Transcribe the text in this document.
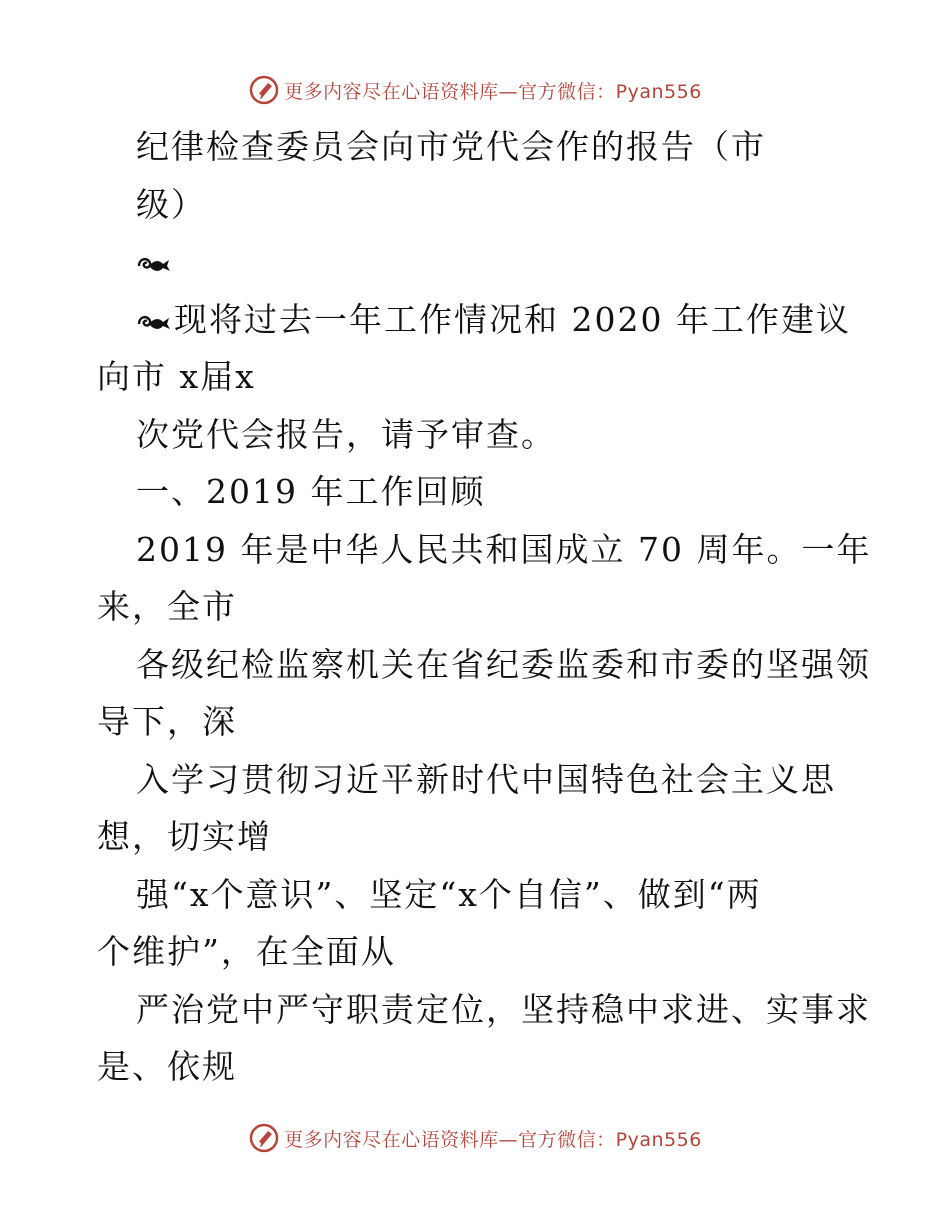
更多内容尽在心语资料库—官方微信：Pyan556
纪律检查委员会向市党代会作的报告（市
级）
现将过去一年工作情况和 2020 年工作建议
向市 x届x
次党代会报告，请予审查。
一、2019 年工作回顾
2019 年是中华人民共和国成立 70 周年。一年
来，全市
各级纪检监察机关在省纪委监委和市委的坚强领
导下，深
入学习贯彻习近平新时代中国特色社会主义思
想，切实增
强“x个意识”、坚定“x个自信”、做到“两
个维护”，在全面从
严治党中严守职责定位，坚持稳中求进、实事求
是、依规
更多内容尽在心语资料库—官方微信：Pyan556
